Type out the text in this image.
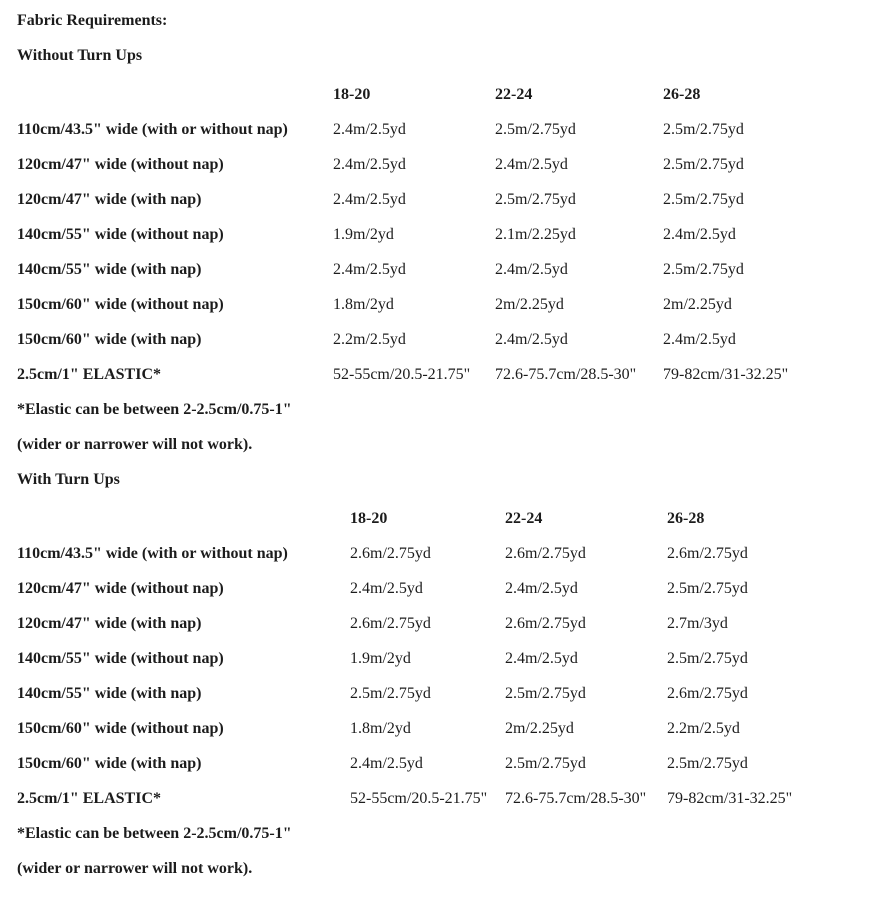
Fabric Requirements:

Without Turn Ups

	18-20	22-24	26-28
110cm/43.5" wide (with or without nap)	2.4m/2.5yd	2.5m/2.75yd	2.5m/2.75yd
120cm/47" wide (without nap)	2.4m/2.5yd	2.4m/2.5yd	2.5m/2.75yd
120cm/47" wide (with nap)	2.4m/2.5yd	2.5m/2.75yd	2.5m/2.75yd
140cm/55" wide (without nap)	1.9m/2yd	2.1m/2.25yd	2.4m/2.5yd
140cm/55" wide (with nap)	2.4m/2.5yd	2.4m/2.5yd	2.5m/2.75yd
150cm/60" wide (without nap)	1.8m/2yd	2m/2.25yd	2m/2.25yd
150cm/60" wide (with nap)	2.2m/2.5yd	2.4m/2.5yd	2.4m/2.5yd
2.5cm/1" ELASTIC*	52-55cm/20.5-21.75"	72.6-75.7cm/28.5-30"	79-82cm/31-32.25"

*Elastic can be between 2-2.5cm/0.75-1"

(wider or narrower will not work).

With Turn Ups

	18-20	22-24	26-28
110cm/43.5" wide (with or without nap)	2.6m/2.75yd	2.6m/2.75yd	2.6m/2.75yd
120cm/47" wide (without nap)	2.4m/2.5yd	2.4m/2.5yd	2.5m/2.75yd
120cm/47" wide (with nap)	2.6m/2.75yd	2.6m/2.75yd	2.7m/3yd
140cm/55" wide (without nap)	1.9m/2yd	2.4m/2.5yd	2.5m/2.75yd
140cm/55" wide (with nap)	2.5m/2.75yd	2.5m/2.75yd	2.6m/2.75yd
150cm/60" wide (without nap)	1.8m/2yd	2m/2.25yd	2.2m/2.5yd
150cm/60" wide (with nap)	2.4m/2.5yd	2.5m/2.75yd	2.5m/2.75yd
2.5cm/1" ELASTIC*	52-55cm/20.5-21.75"	72.6-75.7cm/28.5-30"	79-82cm/31-32.25"

*Elastic can be between 2-2.5cm/0.75-1"

(wider or narrower will not work).
